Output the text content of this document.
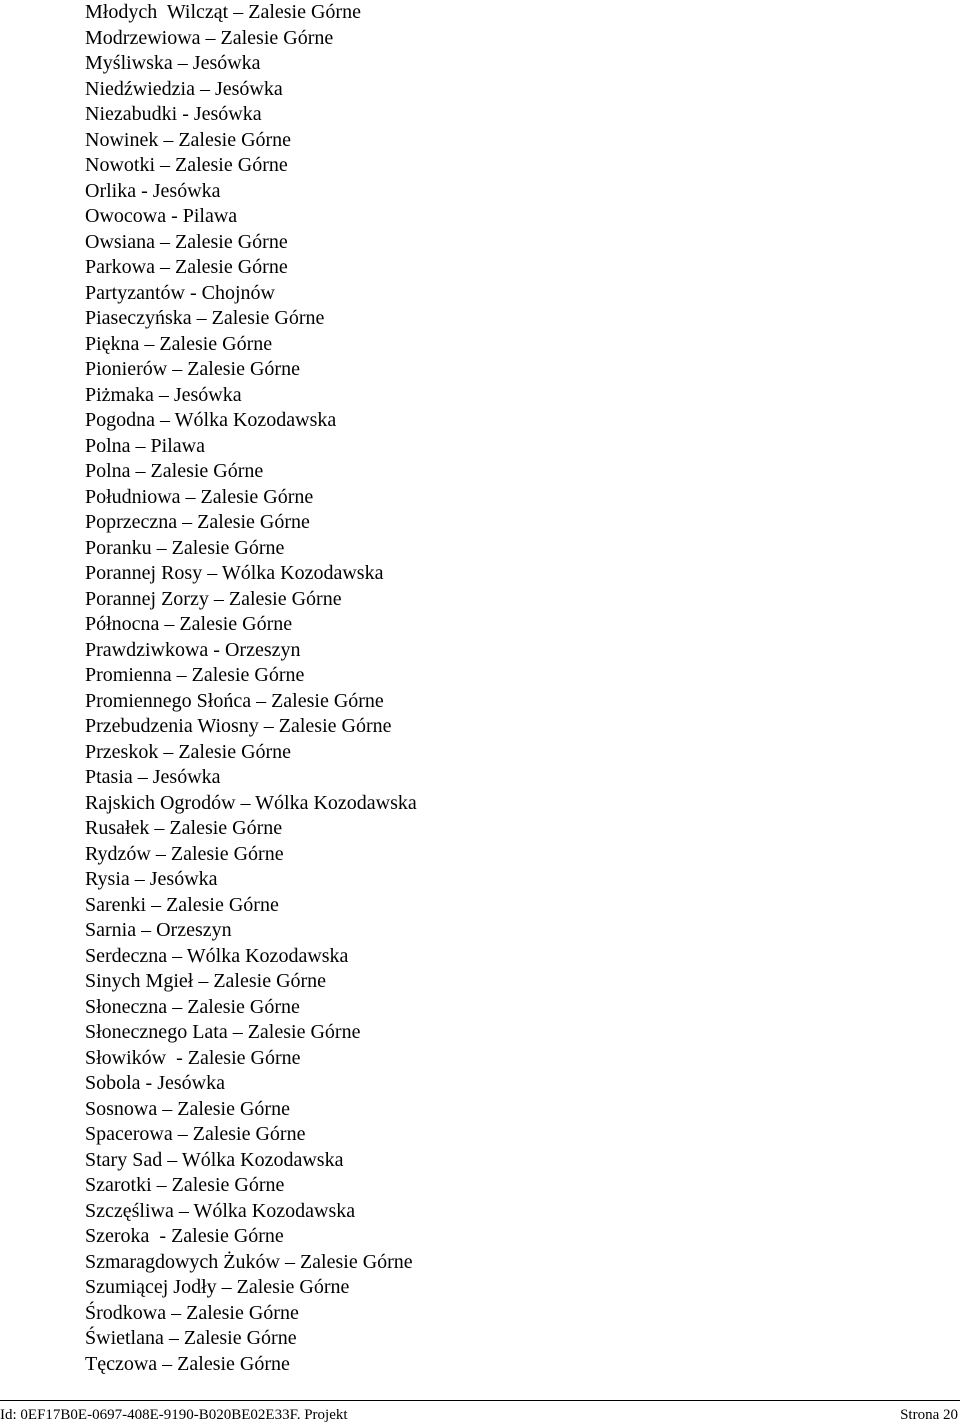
Młodych  Wilcząt – Zalesie Górne
Modrzewiowa – Zalesie Górne
Myśliwska – Jesówka
Niedźwiedzia – Jesówka
Niezabudki - Jesówka
Nowinek – Zalesie Górne
Nowotki – Zalesie Górne
Orlika - Jesówka
Owocowa - Pilawa
Owsiana – Zalesie Górne
Parkowa – Zalesie Górne
Partyzantów - Chojnów
Piaseczyńska – Zalesie Górne
Piękna – Zalesie Górne
Pionierów – Zalesie Górne
Piżmaka – Jesówka
Pogodna – Wólka Kozodawska
Polna – Pilawa
Polna – Zalesie Górne
Południowa – Zalesie Górne
Poprzeczna – Zalesie Górne
Poranku – Zalesie Górne
Porannej Rosy – Wólka Kozodawska
Porannej Zorzy – Zalesie Górne
Północna – Zalesie Górne
Prawdziwkowa - Orzeszyn
Promienna – Zalesie Górne
Promiennego Słońca – Zalesie Górne
Przebudzenia Wiosny – Zalesie Górne
Przeskok – Zalesie Górne
Ptasia – Jesówka
Rajskich Ogrodów – Wólka Kozodawska
Rusałek – Zalesie Górne
Rydzów – Zalesie Górne
Rysia – Jesówka
Sarenki – Zalesie Górne
Sarnia – Orzeszyn
Serdeczna – Wólka Kozodawska
Sinych Mgieł – Zalesie Górne
Słoneczna – Zalesie Górne
Słonecznego Lata – Zalesie Górne
Słowików  - Zalesie Górne
Sobola - Jesówka
Sosnowa – Zalesie Górne
Spacerowa – Zalesie Górne
Stary Sad – Wólka Kozodawska
Szarotki – Zalesie Górne
Szczęśliwa – Wólka Kozodawska
Szeroka  - Zalesie Górne
Szmaragdowych Żuków – Zalesie Górne
Szumiącej Jodły – Zalesie Górne
Środkowa – Zalesie Górne
Świetlana – Zalesie Górne
Tęczowa – Zalesie Górne
Id: 0EF17B0E-0697-408E-9190-B020BE02E33F. Projekt	Strona 20
